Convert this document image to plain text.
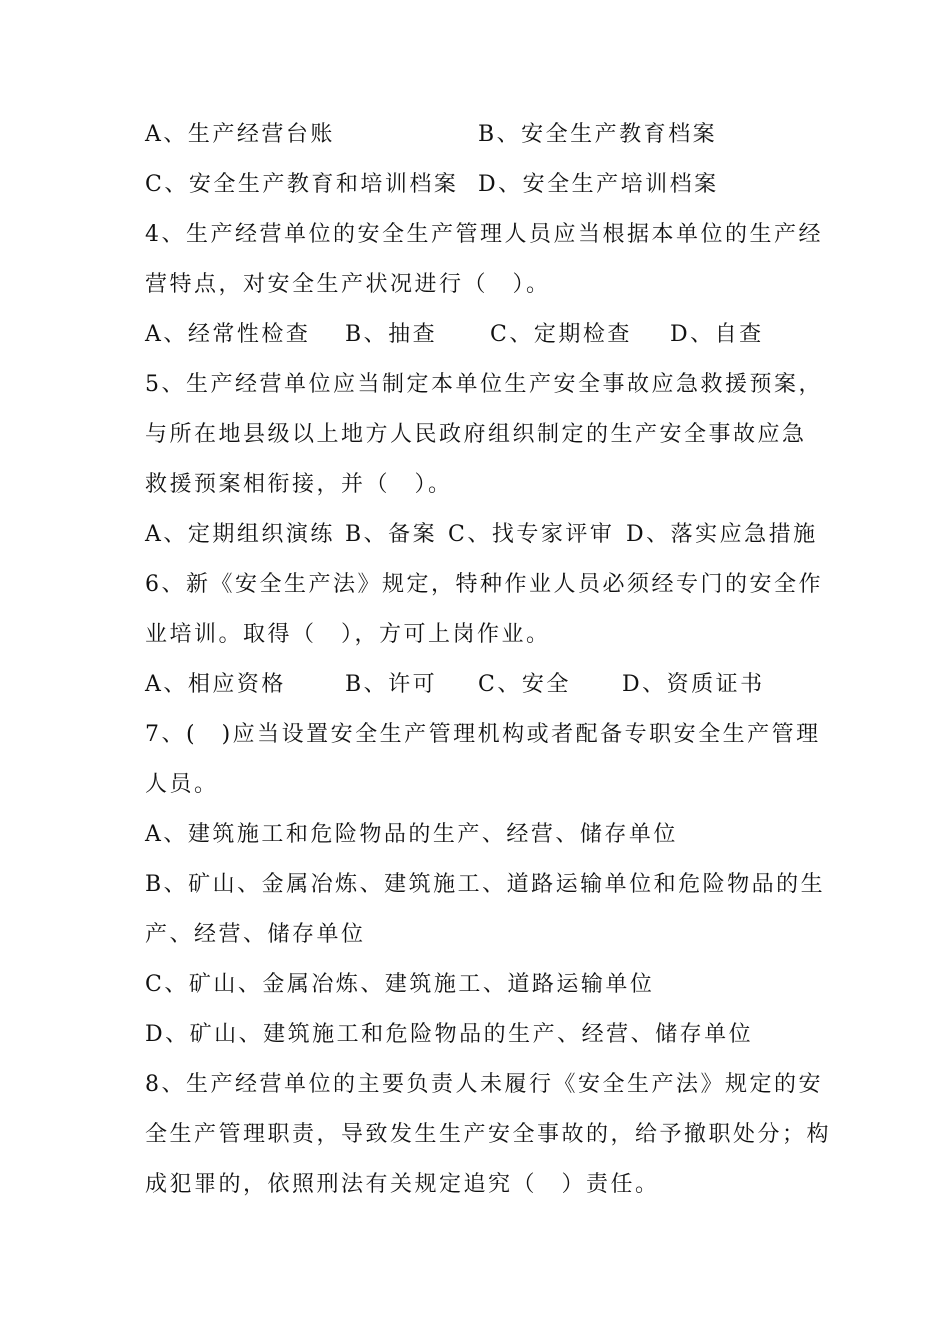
A、生产经营台账	B、安全生产教育档案
C、安全生产教育和培训档案 D、安全生产培训档案
4、生产经营单位的安全生产管理人员应当根据本单位的生产经
营特点，对安全生产状况进行（　）。
A、经常性检查 B、抽查 C、定期检查 D、自查
5、生产经营单位应当制定本单位生产安全事故应急救援预案，
与所在地县级以上地方人民政府组织制定的生产安全事故应急
救援预案相衔接，并（　）。
A、定期组织演练 B、备案 C、找专家评审 D、落实应急措施
6、新《安全生产法》规定，特种作业人员必须经专门的安全作
业培训。取得（　），方可上岗作业。
A、相应资格	B、许可 C、安全 D、资质证书
7、(　)应当设置安全生产管理机构或者配备专职安全生产管理
人员。
A、建筑施工和危险物品的生产、经营、储存单位
B、矿山、金属冶炼、建筑施工、道路运输单位和危险物品的生
产、经营、储存单位
C、矿山、金属冶炼、建筑施工、道路运输单位
D、矿山、建筑施工和危险物品的生产、经营、储存单位
8、生产经营单位的主要负责人未履行《安全生产法》规定的安
全生产管理职责，导致发生生产安全事故的，给予撤职处分；构
成犯罪的，依照刑法有关规定追究（　）责任。
